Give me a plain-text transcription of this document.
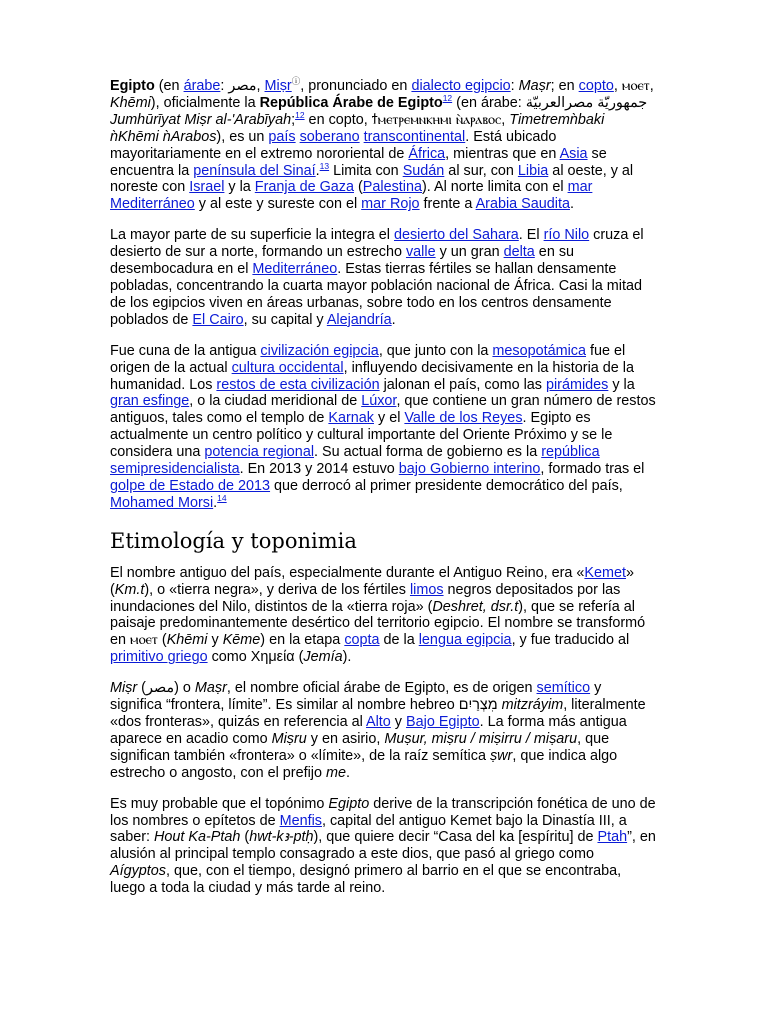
Egipto (en árabe: مصر, Miṣrⓘ, pronunciado en dialecto egipcio: Maṣr; en copto, ⲙⲟⲉⲧ, Khēmi), oficialmente la República Árabe de Egipto$^{12}$ (en árabe: جمهوريّة مصرالعربيّة Jumhūrīyat Miṣr al-'Arabīyah;$^{12}$ en copto, ϯⲙⲉⲧⲣⲉⲙⲛⲕⲏⲙⲓ ⲛ̀ⲁⲣⲁⲃⲟⲥ, Timetremǹbaki ǹKhēmi ǹArabos), es un país soberano transcontinental. Está ubicado mayoritariamente en el extremo nororiental de África, mientras que en Asia se encuentra la península del Sinaí.$^{13}$ Limita con Sudán al sur, con Libia al oeste, y al noreste con Israel y la Franja de Gaza (Palestina). Al norte limita con el mar Mediterráneo y al este y sureste con el mar Rojo frente a Arabia Saudita.

La mayor parte de su superficie la integra el desierto del Sahara. El río Nilo cruza el desierto de sur a norte, formando un estrecho valle y un gran delta en su desembocadura en el Mediterráneo. Estas tierras fértiles se hallan densamente pobladas, concentrando la cuarta mayor población nacional de África. Casi la mitad de los egipcios viven en áreas urbanas, sobre todo en los centros densamente poblados de El Cairo, su capital y Alejandría.

Fue cuna de la antigua civilización egipcia, que junto con la mesopotámica fue el origen de la actual cultura occidental, influyendo decisivamente en la historia de la humanidad. Los restos de esta civilización jalonan el país, como las pirámides y la gran esfinge, o la ciudad meridional de Lúxor, que contiene un gran número de restos antiguos, tales como el templo de Karnak y el Valle de los Reyes. Egipto es actualmente un centro político y cultural importante del Oriente Próximo y se le considera una potencia regional. Su actual forma de gobierno es la república semipresidencialista. En 2013 y 2014 estuvo bajo Gobierno interino, formado tras el golpe de Estado de 2013 que derrocó al primer presidente democrático del país, Mohamed Morsi.$^{14}$

Etimología y toponimia

El nombre antiguo del país, especialmente durante el Antiguo Reino, era «Kemet» (Km.t), o «tierra negra», y deriva de los fértiles limos negros depositados por las inundaciones del Nilo, distintos de la «tierra roja» (Deshret, dsr.t), que se refería al paisaje predominantemente desértico del territorio egipcio. El nombre se transformó en ⲙⲟⲉⲧ (Khēmi y Kēme) en la etapa copta de la lengua egipcia, y fue traducido al primitivo griego como Χημεία (Jemía).

Miṣr (مصر) o Maṣr, el nombre oficial árabe de Egipto, es de origen semítico y significa “frontera, límite”. Es similar al nombre hebreo מִצְרַיִם mitzráyim, literalmente «dos fronteras», quizás en referencia al Alto y Bajo Egipto. La forma más antigua aparece en acadio como Miṣru y en asirio, Muṣur, miṣru / miṣirru / miṣaru, que significan también «frontera» o «límite», de la raíz semítica ṣwr, que indica algo estrecho o angosto, con el prefijo me.

Es muy probable que el topónimo Egipto derive de la transcripción fonética de uno de los nombres o epítetos de Menfis, capital del antiguo Kemet bajo la Dinastía III, a saber: Hout Ka-Ptah (hwt-kꜣ-ptḥ), que quiere decir “Casa del ka [espíritu] de Ptah”, en alusión al principal templo consagrado a este dios, que pasó al griego como Aígyptos, que, con el tiempo, designó primero al barrio en el que se encontraba, luego a toda la ciudad y más tarde al reino.
